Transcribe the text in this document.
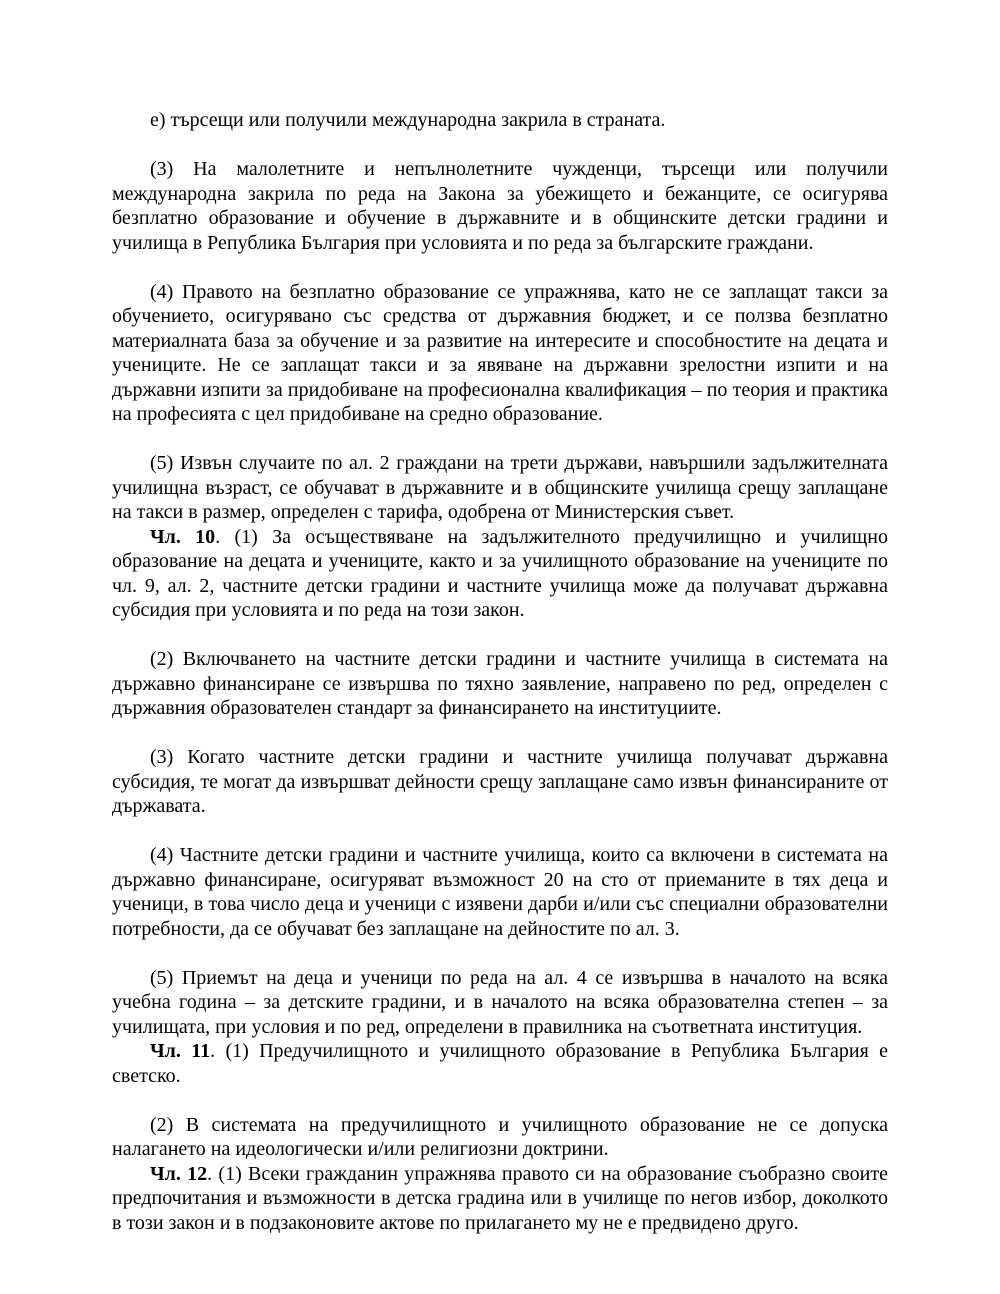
е) търсещи или получили международна закрила в страната.

(3) На малолетните и непълнолетните чужденци, търсещи или получили международна закрила по реда на Закона за убежището и бежанците, се осигурява безплатно образование и обучение в държавните и в общинските детски градини и училища в Република България при условията и по реда за българските граждани.

(4) Правото на безплатно образование се упражнява, като не се заплащат такси за обучението, осигурявано със средства от държавния бюджет, и се ползва безплатно материалната база за обучение и за развитие на интересите и способностите на децата и учениците. Не се заплащат такси и за явяване на държавни зрелостни изпити и на държавни изпити за придобиване на професионална квалификация – по теория и практика на професията с цел придобиване на средно образование.

(5) Извън случаите по ал. 2 граждани на трети държави, навършили задължителната училищна възраст, се обучават в държавните и в общинските училища срещу заплащане на такси в размер, определен с тарифа, одобрена от Министерския съвет.

Чл. 10. (1) За осъществяване на задължителното предучилищно и училищно образование на децата и учениците, както и за училищното образование на учениците по чл. 9, ал. 2, частните детски градини и частните училища може да получават държавна субсидия при условията и по реда на този закон.

(2) Включването на частните детски градини и частните училища в системата на държавно финансиране се извършва по тяхно заявление, направено по ред, определен с държавния образователен стандарт за финансирането на институциите.

(3) Когато частните детски градини и частните училища получават държавна субсидия, те могат да извършват дейности срещу заплащане само извън финансираните от държавата.

(4) Частните детски градини и частните училища, които са включени в системата на държавно финансиране, осигуряват възможност 20 на сто от приеманите в тях деца и ученици, в това число деца и ученици с изявени дарби и/или със специални образователни потребности, да се обучават без заплащане на дейностите по ал. 3.

(5) Приемът на деца и ученици по реда на ал. 4 се извършва в началото на всяка учебна година – за детските градини, и в началото на всяка образователна степен – за училищата, при условия и по ред, определени в правилника на съответната институция.

Чл. 11. (1) Предучилищното и училищното образование в Република България е светско.

(2) В системата на предучилищното и училищното образование не се допуска налагането на идеологически и/или религиозни доктрини.

Чл. 12. (1) Всеки гражданин упражнява правото си на образование съобразно своите предпочитания и възможности в детска градина или в училище по негов избор, доколкото в този закон и в подзаконовите актове по прилагането му не е предвидено друго.
